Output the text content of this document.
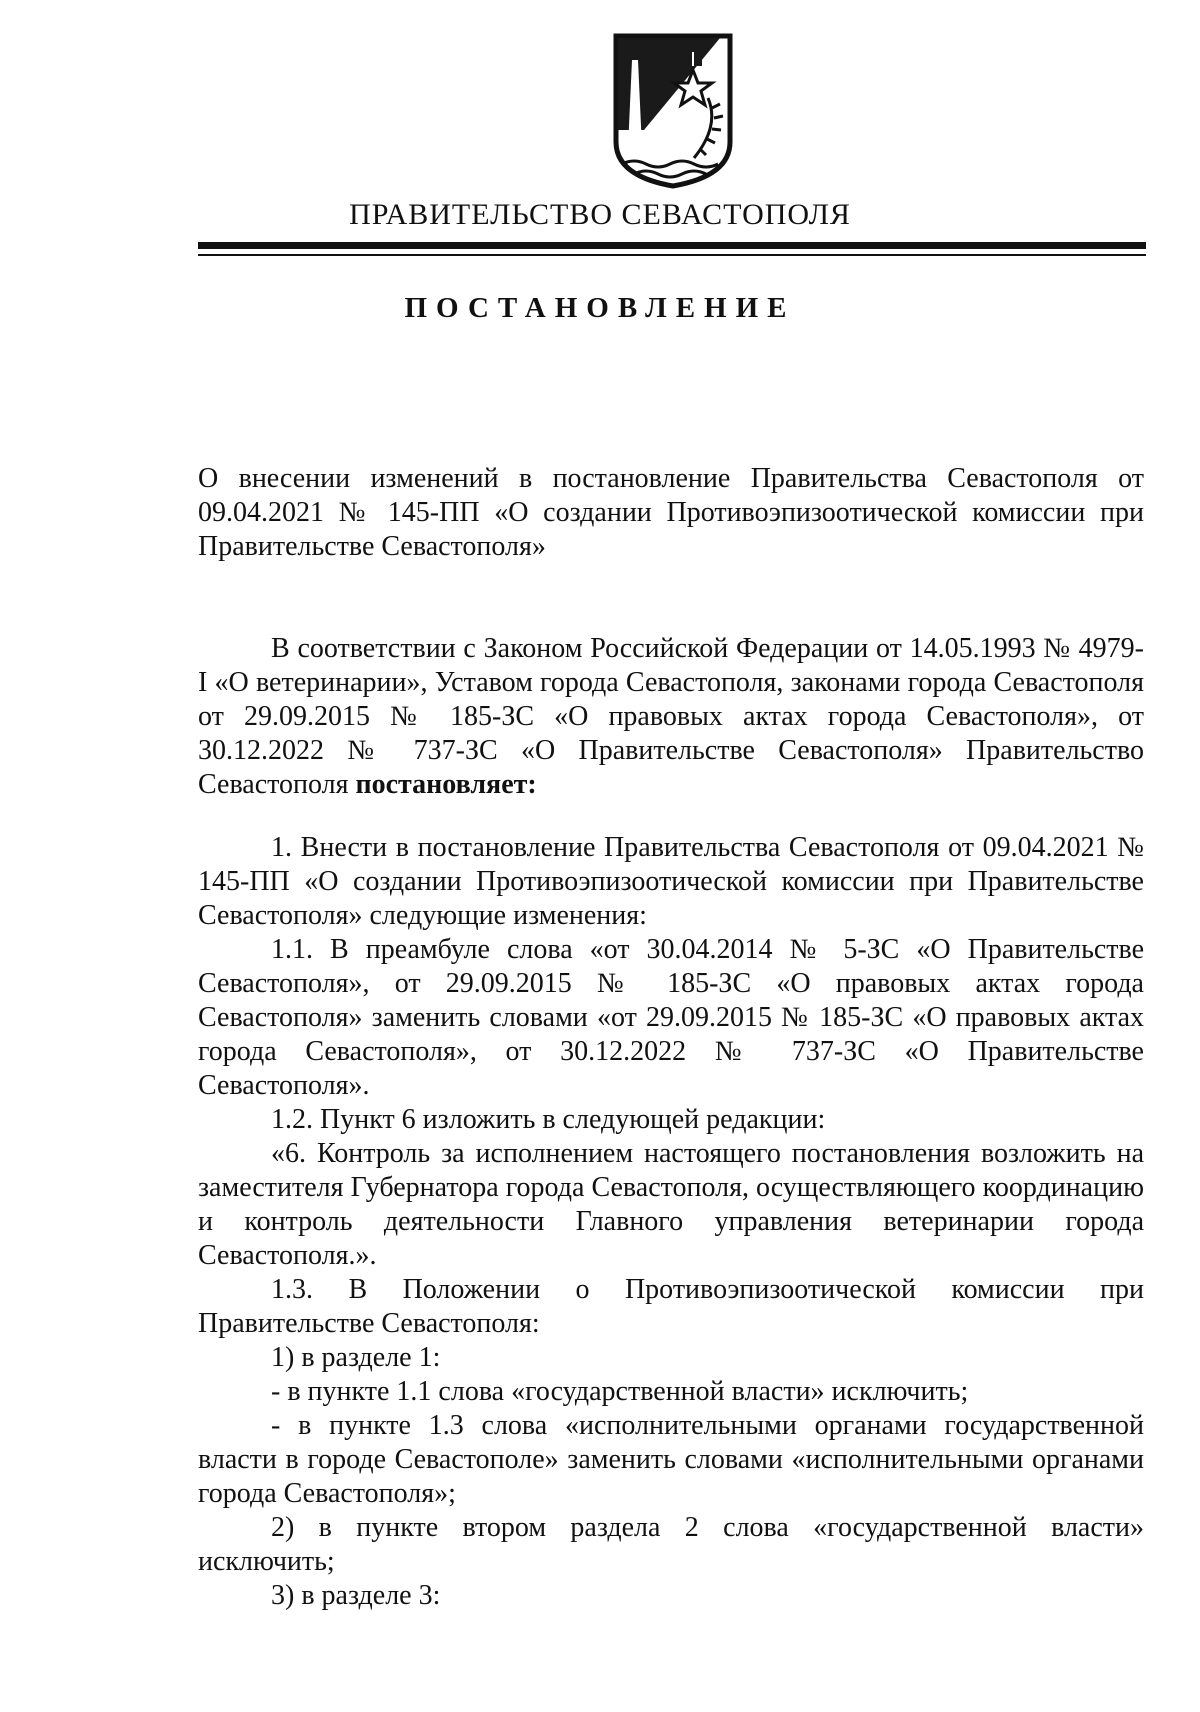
ПРАВИТЕЛЬСТВО СЕВАСТОПОЛЯ
ПОСТАНОВЛЕНИЕ

О внесении изменений в постановление Правительства Севастополя от 09.04.2021 № 145-ПП «О создании Противоэпизоотической комиссии при Правительстве Севастополя»

В соответствии с Законом Российской Федерации от 14.05.1993 № 4979-I «О ветеринарии», Уставом города Севастополя, законами города Севастополя от 29.09.2015 № 185-ЗС «О правовых актах города Севастополя», от 30.12.2022 № 737-ЗС «О Правительстве Севастополя» Правительство Севастополя постановляет:

1. Внести в постановление Правительства Севастополя от 09.04.2021 № 145-ПП «О создании Противоэпизоотической комиссии при Правительстве Севастополя» следующие изменения:

1.1. В преамбуле слова «от 30.04.2014 № 5-ЗС «О Правительстве Севастополя», от 29.09.2015 № 185-ЗС «О правовых актах города Севастополя» заменить словами «от 29.09.2015 № 185-ЗС «О правовых актах города Севастополя», от 30.12.2022 № 737-ЗС «О Правительстве Севастополя».

1.2. Пункт 6 изложить в следующей редакции:

«6. Контроль за исполнением настоящего постановления возложить на заместителя Губернатора города Севастополя, осуществляющего координацию и контроль деятельности Главного управления ветеринарии города Севастополя.».

1.3. В Положении о Противоэпизоотической комиссии при Правительстве Севастополя:

1) в разделе 1:

- в пункте 1.1 слова «государственной власти» исключить;

- в пункте 1.3 слова «исполнительными органами государственной власти в городе Севастополе» заменить словами «исполнительными органами города Севастополя»;

2) в пункте втором раздела 2 слова «государственной власти» исключить;

3) в разделе 3:
